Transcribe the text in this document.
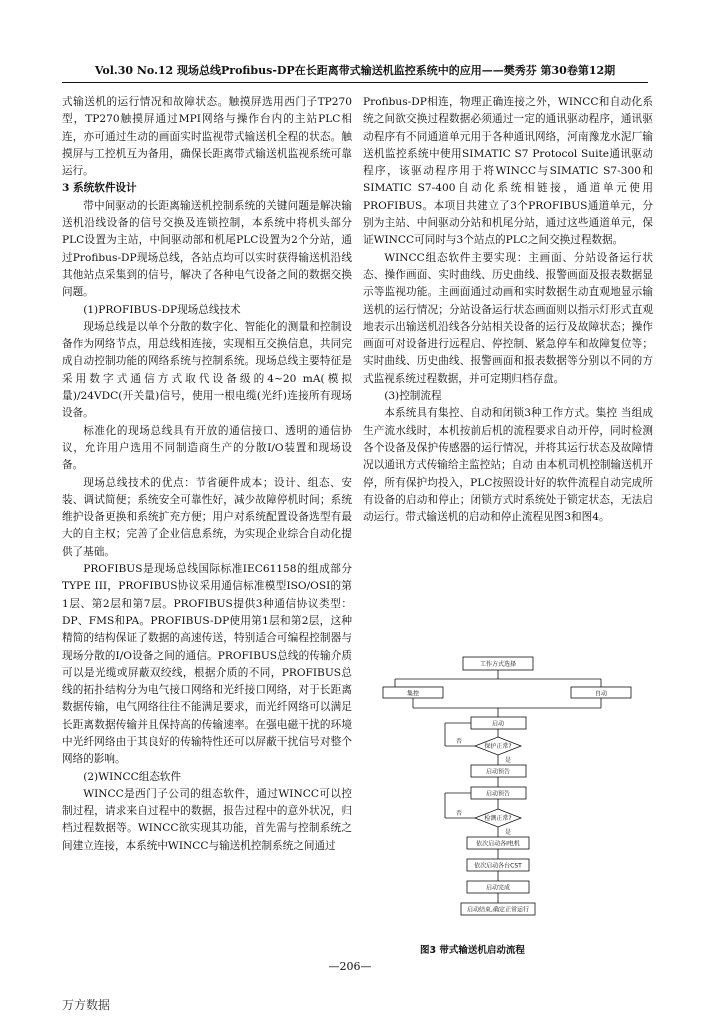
Vol.30 No.12 现场总线Profibus-DP在长距离带式输送机监控系统中的应用——樊秀芬 第30卷第12期

式输送机的运行情况和故障状态。触摸屏选用西门子TP270型，TP270触摸屏通过MPI网络与操作台内的主站PLC相连，亦可通过生动的画面实时监视带式输送机全程的状态。触摸屏与工控机互为备用，确保长距离带式输送机监视系统可靠运行。

3 系统软件设计

带中间驱动的长距离输送机控制系统的关键问题是解决输送机沿线设备的信号交换及连锁控制，本系统中将机头部分PLC设置为主站，中间驱动部和机尾PLC设置为2个分站，通过Profibus-DP现场总线，各站点均可以实时获得输送机沿线其他站点采集到的信号，解决了各种电气设备之间的数据交换问题。

(1)PROFIBUS-DP现场总线技术

现场总线是以单个分散的数字化、智能化的测量和控制设备作为网络节点，用总线相连接，实现相互交换信息，共同完成自动控制功能的网络系统与控制系统。现场总线主要特征是采用数字式通信方式取代设备级的4~20 mA(模拟量)/24VDC(开关量)信号，使用一根电缆(光纤)连接所有现场设备。

标准化的现场总线具有开放的通信接口、透明的通信协议，允许用户选用不同制造商生产的分散I/O装置和现场设备。

现场总线技术的优点：节省硬件成本；设计、组态、安装、调试简便；系统安全可靠性好，减少故障停机时间；系统维护设备更换和系统扩充方便；用户对系统配置设备选型有最大的自主权；完善了企业信息系统，为实现企业综合自动化提供了基础。

PROFIBUS是现场总线国际标准IEC61158的组成部分TYPE III，PROFIBUS协议采用通信标准模型ISO/OSI的第1层、第2层和第7层。PROFIBUS提供3种通信协议类型：DP、FMS和PA。PROFIBUS-DP使用第1层和第2层，这种精简的结构保证了数据的高速传送，特别适合可编程控制器与现场分散的I/O设备之间的通信。PROFIBUS总线的传输介质可以是光缆或屏蔽双绞线，根据介质的不同，PROFIBUS总线的拓扑结构分为电气接口网络和光纤接口网络，对于长距离数据传输，电气网络往往不能满足要求，而光纤网络可以满足长距离数据传输并且保持高的传输速率。在强电磁干扰的环境中光纤网络由于其良好的传输特性还可以屏蔽干扰信号对整个网络的影响。

(2)WINCC组态软件

WINCC是西门子公司的组态软件，通过WINCC可以控制过程，请求来自过程中的数据，报告过程中的意外状况，归档过程数据等。WINCC欲实现其功能，首先需与控制系统之间建立连接，本系统中WINCC与输送机控制系统之间通过

Profibus-DP相连，物理正确连接之外，WINCC和自动化系统之间欲交换过程数据必须通过一定的通讯驱动程序，通讯驱动程序有不同通道单元用于各种通讯网络，河南豫龙水泥厂输送机监控系统中使用SIMATIC S7 Protocol Suite通讯驱动程序，该驱动程序用于将WINCC与SIMATIC S7-300和SIMATIC S7-400自动化系统相链接，通道单元使用PROFIBUS。本项目共建立了3个PROFIBUS通道单元，分别为主站、中间驱动分站和机尾分站，通过这些通道单元，保证WINCC可同时与3个站点的PLC之间交换过程数据。

WINCC组态软件主要实现：主画面、分站设备运行状态、操作画面、实时曲线、历史曲线、报警画面及报表数据显示等监视功能。主画面通过动画和实时数据生动直观地显示输送机的运行情况；分站设备运行状态画面则以指示灯形式直观地表示出输送机沿线各分站相关设备的运行及故障状态；操作画面可对设备进行远程启、停控制、紧急停车和故障复位等；实时曲线、历史曲线、报警画面和报表数据等分别以不同的方式监视系统过程数据，并可定期归档存盘。

(3)控制流程

本系统具有集控、自动和闭锁3种工作方式。集控 当组成生产流水线时，本机按前后机的流程要求自动开停，同时检测各个设备及保护传感器的运行情况，并将其运行状态及故障情况以通讯方式传输给主监控站；自动 由本机司机控制输送机开停，所有保护均投入，PLC按照设计好的软件流程自动完成所有设备的启动和停止；闭锁方式时系统处于锁定状态，无法启动运行。带式输送机的启动和停止流程见图3和图4。

工作方式选择
集控	自动
启动
否
保护正常?
是
启动预告
启动预告
否
检测正常?
是
依次启动各I电机
依次启动各台CST
启动完成
启动结束,确定正常运行
图3 带式输送机启动流程
—206—
万方数据
